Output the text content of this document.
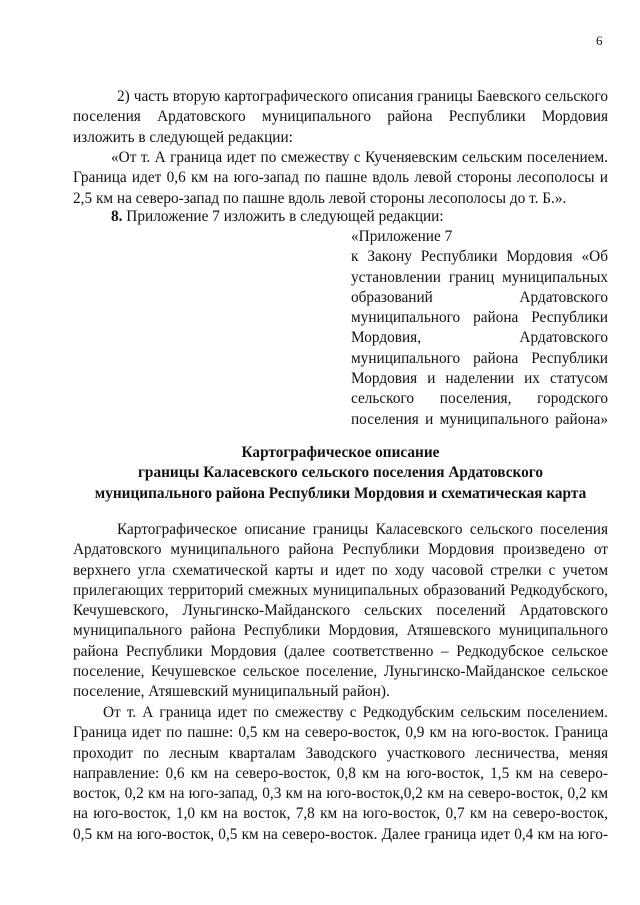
6
2) часть вторую картографического описания границы Баевского сельского
поселения Ардатовского муниципального района Республики Мордовия
изложить в следующей редакции:
«От т. А граница идет по смежеству с Кученяевским сельским поселением.
Граница идет 0,6 км на юго-запад по пашне вдоль левой стороны лесополосы и
2,5 км на северо-запад по пашне вдоль левой стороны лесополосы до т. Б.».
8. Приложение 7 изложить в следующей редакции:
«Приложение 7
к Закону Республики Мордовия «Об
установлении границ муниципальных
образований Ардатовского
муниципального района Республики
Мордовия, Ардатовского
муниципального района Республики
Мордовия и наделении их статусом
сельского поселения, городского
поселения и муниципального района»
Картографическое описание
границы Каласевского сельского поселения Ардатовского
муниципального района Республики Мордовия и схематическая карта
Картографическое описание границы Каласевского сельского поселения
Ардатовского муниципального района Республики Мордовия произведено от
верхнего угла схематической карты и идет по ходу часовой стрелки с учетом
прилегающих территорий смежных муниципальных образований Редкодубского,
Кечушевского, Луньгинско-Майданского сельских поселений Ардатовского
муниципального района Республики Мордовия, Атяшевского муниципального
района Республики Мордовия (далее соответственно – Редкодубское сельское
поселение, Кечушевское сельское поселение, Луньгинско-Майданское сельское
поселение, Атяшевский муниципальный район).
От т. А граница идет по смежеству с Редкодубским сельским поселением.
Граница идет по пашне: 0,5 км на северо-восток, 0,9 км на юго-восток. Граница
проходит по лесным кварталам Заводского участкового лесничества, меняя
направление: 0,6 км на северо-восток, 0,8 км на юго-восток, 1,5 км на северо-
восток, 0,2 км на юго-запад, 0,3 км на юго-восток,0,2 км на северо-восток, 0,2 км
на юго-восток, 1,0 км на восток, 7,8 км на юго-восток, 0,7 км на северо-восток,
0,5 км на юго-восток, 0,5 км на северо-восток. Далее граница идет 0,4 км на юго-
